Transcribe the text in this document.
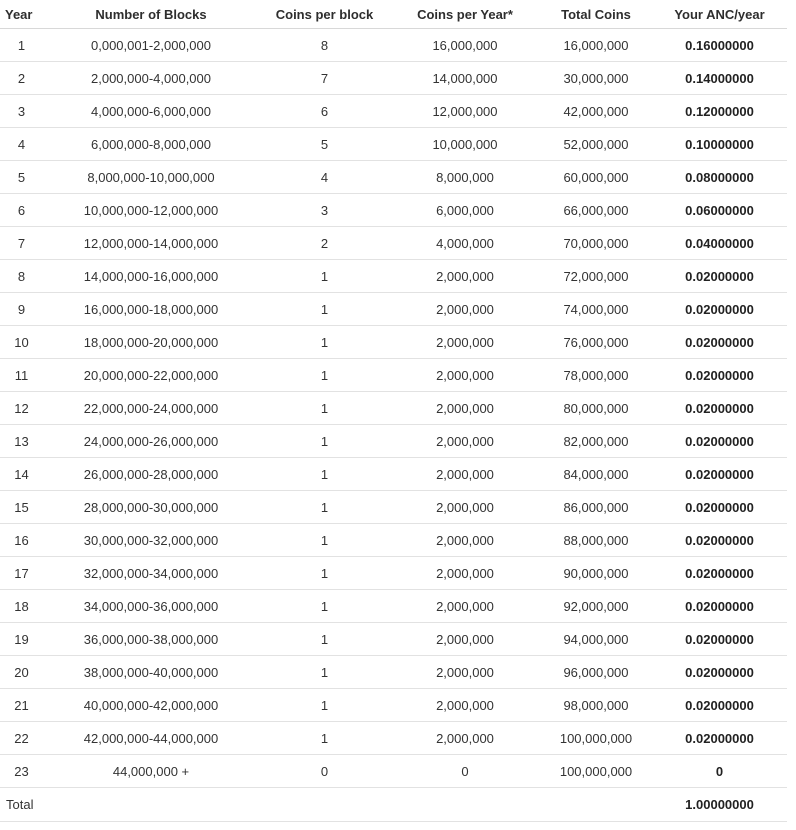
Year	Number of Blocks	Coins per block	Coins per Year*	Total Coins	Your ANC/year
1	0,000,001-2,000,000	8	16,000,000	16,000,000	0.16000000
2	2,000,000-4,000,000	7	14,000,000	30,000,000	0.14000000
3	4,000,000-6,000,000	6	12,000,000	42,000,000	0.12000000
4	6,000,000-8,000,000	5	10,000,000	52,000,000	0.10000000
5	8,000,000-10,000,000	4	8,000,000	60,000,000	0.08000000
6	10,000,000-12,000,000	3	6,000,000	66,000,000	0.06000000
7	12,000,000-14,000,000	2	4,000,000	70,000,000	0.04000000
8	14,000,000-16,000,000	1	2,000,000	72,000,000	0.02000000
9	16,000,000-18,000,000	1	2,000,000	74,000,000	0.02000000
10	18,000,000-20,000,000	1	2,000,000	76,000,000	0.02000000
11	20,000,000-22,000,000	1	2,000,000	78,000,000	0.02000000
12	22,000,000-24,000,000	1	2,000,000	80,000,000	0.02000000
13	24,000,000-26,000,000	1	2,000,000	82,000,000	0.02000000
14	26,000,000-28,000,000	1	2,000,000	84,000,000	0.02000000
15	28,000,000-30,000,000	1	2,000,000	86,000,000	0.02000000
16	30,000,000-32,000,000	1	2,000,000	88,000,000	0.02000000
17	32,000,000-34,000,000	1	2,000,000	90,000,000	0.02000000
18	34,000,000-36,000,000	1	2,000,000	92,000,000	0.02000000
19	36,000,000-38,000,000	1	2,000,000	94,000,000	0.02000000
20	38,000,000-40,000,000	1	2,000,000	96,000,000	0.02000000
21	40,000,000-42,000,000	1	2,000,000	98,000,000	0.02000000
22	42,000,000-44,000,000	1	2,000,000	100,000,000	0.02000000
23	44,000,000 +	0	0	100,000,000	0
Total					1.00000000
